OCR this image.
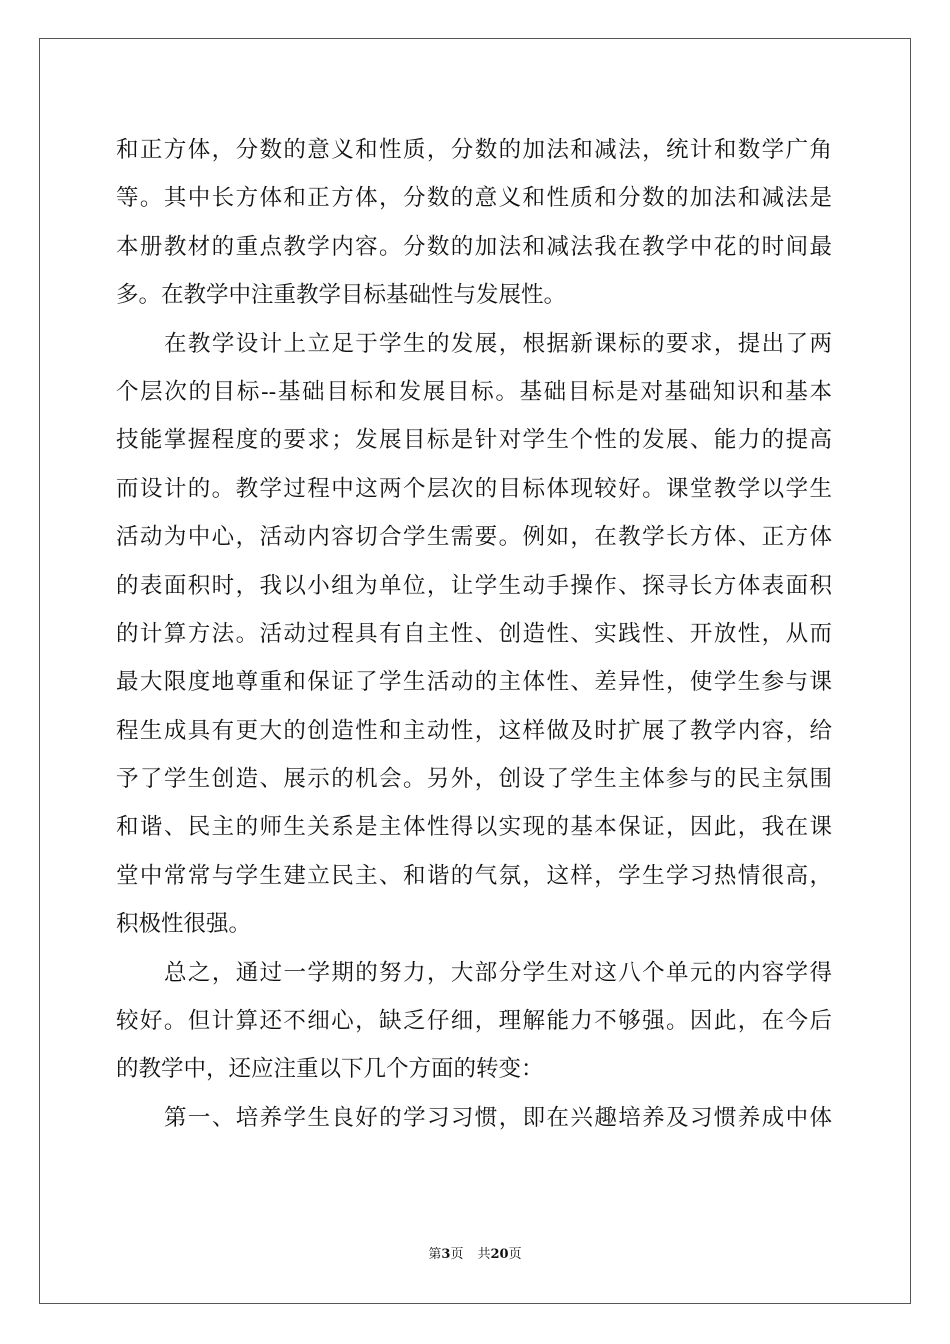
和正方体，分数的意义和性质，分数的加法和减法，统计和数学广角
等。其中长方体和正方体，分数的意义和性质和分数的加法和减法是
本册教材的重点教学内容。分数的加法和减法我在教学中花的时间最
多。在教学中注重教学目标基础性与发展性。
在教学设计上立足于学生的发展，根据新课标的要求，提出了两
个层次的目标--基础目标和发展目标。基础目标是对基础知识和基本
技能掌握程度的要求；发展目标是针对学生个性的发展、能力的提高
而设计的。教学过程中这两个层次的目标体现较好。课堂教学以学生
活动为中心，活动内容切合学生需要。例如，在教学长方体、正方体
的表面积时，我以小组为单位，让学生动手操作、探寻长方体表面积
的计算方法。活动过程具有自主性、创造性、实践性、开放性，从而
最大限度地尊重和保证了学生活动的主体性、差异性，使学生参与课
程生成具有更大的创造性和主动性，这样做及时扩展了教学内容，给
予了学生创造、展示的机会。另外，创设了学生主体参与的民主氛围
和谐、民主的师生关系是主体性得以实现的基本保证，因此，我在课
堂中常常与学生建立民主、和谐的气氛，这样，学生学习热情很高，
积极性很强。
总之，通过一学期的努力，大部分学生对这八个单元的内容学得
较好。但计算还不细心，缺乏仔细，理解能力不够强。因此，在今后
的教学中，还应注重以下几个方面的转变：
第一、培养学生良好的学习习惯，即在兴趣培养及习惯养成中体
第3页 共20页
